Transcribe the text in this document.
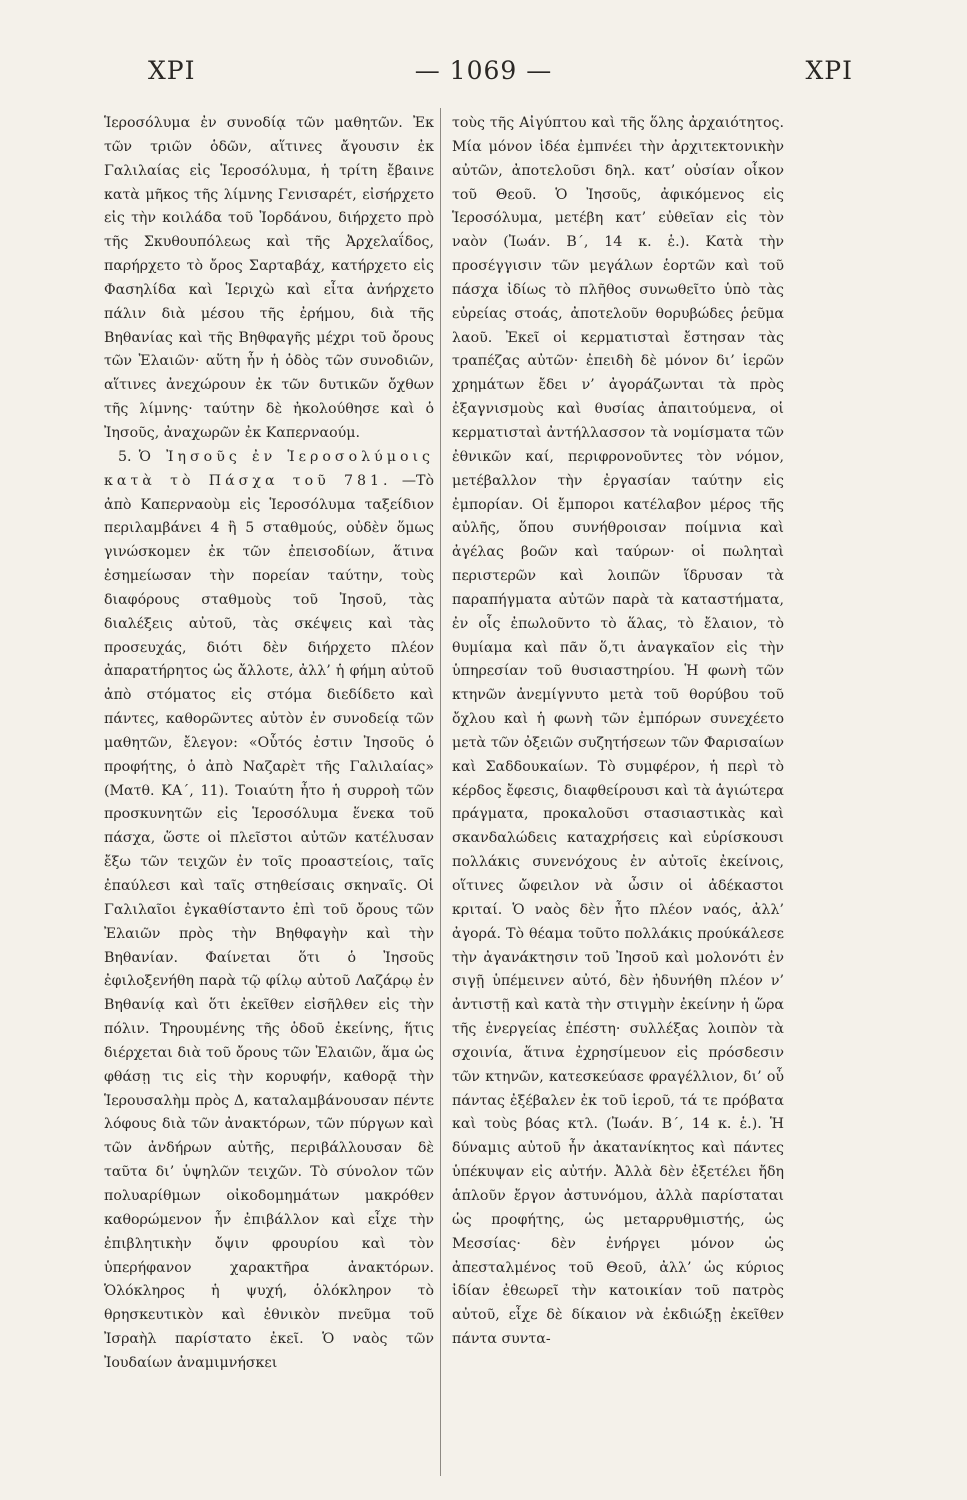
ΧΡΙ	— 1069 —	ΧΡΙ

Ἱεροσόλυμα ἐν συνοδίᾳ τῶν μαθητῶν. Ἐκ τῶν τριῶν ὁδῶν, αἵτινες ἄγουσιν ἐκ Γαλιλαίας εἰς Ἱεροσόλυμα, ἡ τρίτη ἔβαινε κατὰ μῆκος τῆς λίμνης Γενισαρέτ, εἰσήρχετο εἰς τὴν κοιλάδα τοῦ Ἰορδάνου, διήρχετο πρὸ τῆς Σκυθουπόλεως καὶ τῆς Ἀρχελαΐδος, παρήρχετο τὸ ὄρος Σαρταβάχ, κατήρχετο εἰς Φασηλίδα καὶ Ἱεριχὼ καὶ εἶτα ἀνήρχετο πάλιν διὰ μέσου τῆς ἐρήμου, διὰ τῆς Βηθανίας καὶ τῆς Βηθφαγῆς μέχρι τοῦ ὄρους τῶν Ἐλαιῶν· αὕτη ἦν ἡ ὁδὸς τῶν συνοδιῶν, αἵτινες ἀνεχώρουν ἐκ τῶν δυτικῶν ὄχθων τῆς λίμνης· ταύτην δὲ ἠκολούθησε καὶ ὁ Ἰησοῦς, ἀναχωρῶν ἐκ Καπερναούμ.

5. Ὁ Ἰησοῦς ἐν Ἱεροσολύμοις κατὰ τὸ Πάσχα τοῦ 781. —Τὸ ἀπὸ Καπερναοὺμ εἰς Ἱεροσόλυμα ταξείδιον περιλαμβάνει 4 ἢ 5 σταθμούς, οὐδὲν ὅμως γινώσκομεν ἐκ τῶν ἐπεισοδίων, ἅτινα ἐσημείωσαν τὴν πορείαν ταύτην, τοὺς διαφόρους σταθμοὺς τοῦ Ἰησοῦ, τὰς διαλέξεις αὐτοῦ, τὰς σκέψεις καὶ τὰς προσευχάς, διότι δὲν διήρχετο πλέον ἀπαρατήρητος ὡς ἄλλοτε, ἀλλ’ ἡ φήμη αὐτοῦ ἀπὸ στόματος εἰς στόμα διεδίδετο καὶ πάντες, καθορῶντες αὐτὸν ἐν συνοδείᾳ τῶν μαθητῶν, ἔλεγον: «Οὗτός ἐστιν Ἰησοῦς ὁ προφήτης, ὁ ἀπὸ Ναζαρὲτ τῆς Γαλιλαίας» (Ματθ. ΚΑ΄, 11). Τοιαύτη ἦτο ἡ συρροὴ τῶν προσκυνητῶν εἰς Ἱεροσόλυμα ἕνεκα τοῦ πάσχα, ὥστε οἱ πλεῖστοι αὐτῶν κατέλυσαν ἔξω τῶν τειχῶν ἐν τοῖς προαστείοις, ταῖς ἐπαύλεσι καὶ ταῖς στηθείσαις σκηναῖς. Οἱ Γαλιλαῖοι ἐγκαθίσταντο ἐπὶ τοῦ ὄρους τῶν Ἐλαιῶν πρὸς τὴν Βηθφαγὴν καὶ τὴν Βηθανίαν. Φαίνεται ὅτι ὁ Ἰησοῦς ἐφιλοξενήθη παρὰ τῷ φίλῳ αὐτοῦ Λαζάρῳ ἐν Βηθανίᾳ καὶ ὅτι ἐκεῖθεν εἰσῆλθεν εἰς τὴν πόλιν. Τηρουμένης τῆς ὁδοῦ ἐκείνης, ἥτις διέρχεται διὰ τοῦ ὄρους τῶν Ἐλαιῶν, ἅμα ὡς φθάσῃ τις εἰς τὴν κορυφήν, καθορᾷ τὴν Ἱερουσαλὴμ πρὸς Δ, καταλαμβάνουσαν πέντε λόφους διὰ τῶν ἀνακτόρων, τῶν πύργων καὶ τῶν ἀνδήρων αὐτῆς, περιβάλλουσαν δὲ ταῦτα δι’ ὑψηλῶν τειχῶν. Τὸ σύνολον τῶν πολυαρίθμων οἰκοδομημάτων μακρόθεν καθορώμενον ἦν ἐπιβάλλον καὶ εἶχε τὴν ἐπιβλητικὴν ὄψιν φρουρίου καὶ τὸν ὑπερήφανον χαρακτῆρα ἀνακτόρων. Ὁλόκληρος ἡ ψυχή, ὁλόκληρον τὸ θρησκευτικὸν καὶ ἐθνικὸν πνεῦμα τοῦ Ἰσραὴλ παρίστατο ἐκεῖ. Ὁ ναὸς τῶν Ἰουδαίων ἀναμιμνήσκει

τοὺς τῆς Αἰγύπτου καὶ τῆς ὅλης ἀρχαιότητος. Μία μόνον ἰδέα ἐμπνέει τὴν ἀρχιτεκτονικὴν αὐτῶν, ἀποτελοῦσι δηλ. κατ’ οὐσίαν οἶκον τοῦ Θεοῦ. Ὁ Ἰησοῦς, ἀφικόμενος εἰς Ἱεροσόλυμα, μετέβη κατ’ εὐθεῖαν εἰς τὸν ναὸν (Ἰωάν. Β΄, 14 κ. ἑ.). Κατὰ τὴν προσέγγισιν τῶν μεγάλων ἑορτῶν καὶ τοῦ πάσχα ἰδίως τὸ πλῆθος συνωθεῖτο ὑπὸ τὰς εὐρείας στοάς, ἀποτελοῦν θορυβώδες ῥεῦμα λαοῦ. Ἐκεῖ οἱ κερματισταὶ ἔστησαν τὰς τραπέζας αὐτῶν· ἐπειδὴ δὲ μόνον δι’ ἱερῶν χρημάτων ἔδει ν’ ἀγοράζωνται τὰ πρὸς ἐξαγνισμοὺς καὶ θυσίας ἀπαιτούμενα, οἱ κερματισταὶ ἀντήλλασσον τὰ νομίσματα τῶν ἐθνικῶν καί, περιφρονοῦντες τὸν νόμον, μετέβαλλον τὴν ἐργασίαν ταύτην εἰς ἐμπορίαν. Οἱ ἔμποροι κατέλαβον μέρος τῆς αὐλῆς, ὅπου συνήθροισαν ποίμνια καὶ ἀγέλας βοῶν καὶ ταύρων· οἱ πωληταὶ περιστερῶν καὶ λοιπῶν ἵδρυσαν τὰ παραπήγματα αὐτῶν παρὰ τὰ καταστήματα, ἐν οἷς ἐπωλοῦντο τὸ ἅλας, τὸ ἔλαιον, τὸ θυμίαμα καὶ πᾶν ὅ,τι ἀναγκαῖον εἰς τὴν ὑπηρεσίαν τοῦ θυσιαστηρίου. Ἡ φωνὴ τῶν κτηνῶν ἀνεμίγνυτο μετὰ τοῦ θορύβου τοῦ ὄχλου καὶ ἡ φωνὴ τῶν ἐμπόρων συνεχέετο μετὰ τῶν ὀξειῶν συζητήσεων τῶν Φαρισαίων καὶ Σαδδουκαίων. Τὸ συμφέρον, ἡ περὶ τὸ κέρδος ἔφεσις, διαφθείρουσι καὶ τὰ ἁγιώτερα πράγματα, προκαλοῦσι στασιαστικὰς καὶ σκανδαλώδεις καταχρήσεις καὶ εὑρίσκουσι πολλάκις συνενόχους ἐν αὐτοῖς ἐκείνοις, οἵτινες ὤφειλον νὰ ὦσιν οἱ ἀδέκαστοι κριταί. Ὁ ναὸς δὲν ἦτο πλέον ναός, ἀλλ’ ἀγορά. Τὸ θέαμα τοῦτο πολλάκις προύκάλεσε τὴν ἀγανάκτησιν τοῦ Ἰησοῦ καὶ μολονότι ἐν σιγῇ ὑπέμεινεν αὐτό, δὲν ἠδυνήθη πλέον ν’ ἀντιστῇ καὶ κατὰ τὴν στιγμὴν ἐκείνην ἡ ὥρα τῆς ἐνεργείας ἐπέστη· συλλέξας λοιπὸν τὰ σχοινία, ἅτινα ἐχρησίμευον εἰς πρόσδεσιν τῶν κτηνῶν, κατεσκεύασε φραγέλλιον, δι’ οὗ πάντας ἐξέβαλεν ἐκ τοῦ ἱεροῦ, τά τε πρόβατα καὶ τοὺς βόας κτλ. (Ἰωάν. Β΄, 14 κ. ἑ.). Ἡ δύναμις αὐτοῦ ἦν ἀκατανίκητος καὶ πάντες ὑπέκυψαν εἰς αὐτήν. Ἀλλὰ δὲν ἐξετέλει ἤδη ἁπλοῦν ἔργον ἀστυνόμου, ἀλλὰ παρίσταται ὡς προφήτης, ὡς μεταρρυθμιστής, ὡς Μεσσίας· δὲν ἐνήργει μόνον ὡς ἀπεσταλμένος τοῦ Θεοῦ, ἀλλ’ ὡς κύριος ἰδίαν ἐθεωρεῖ τὴν κατοικίαν τοῦ πατρὸς αὐτοῦ, εἶχε δὲ δίκαιον νὰ ἐκδιώξῃ ἐκεῖθεν πάντα συντα-
